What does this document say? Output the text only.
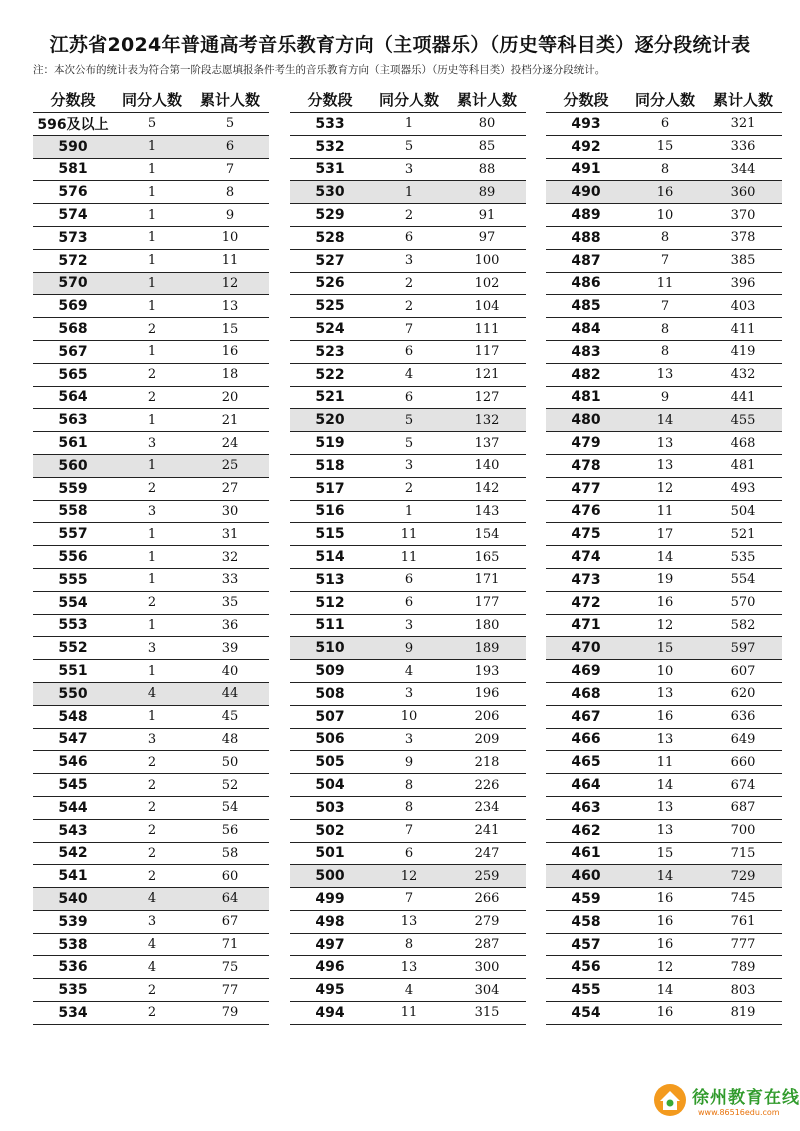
江苏省2024年普通高考音乐教育方向（主项器乐）（历史等科目类）逐分段统计表
注：本次公布的统计表为符合第一阶段志愿填报条件考生的音乐教育方向（主项器乐）（历史等科目类）投档分逐分段统计。
分数段	同分人数	累计人数
596及以上	5	5
590	1	6
581	1	7
576	1	8
574	1	9
573	1	10
572	1	11
570	1	12
569	1	13
568	2	15
567	1	16
565	2	18
564	2	20
563	1	21
561	3	24
560	1	25
559	2	27
558	3	30
557	1	31
556	1	32
555	1	33
554	2	35
553	1	36
552	3	39
551	1	40
550	4	44
548	1	45
547	3	48
546	2	50
545	2	52
544	2	54
543	2	56
542	2	58
541	2	60
540	4	64
539	3	67
538	4	71
536	4	75
535	2	77
534	2	79
分数段	同分人数	累计人数
533	1	80
532	5	85
531	3	88
530	1	89
529	2	91
528	6	97
527	3	100
526	2	102
525	2	104
524	7	111
523	6	117
522	4	121
521	6	127
520	5	132
519	5	137
518	3	140
517	2	142
516	1	143
515	11	154
514	11	165
513	6	171
512	6	177
511	3	180
510	9	189
509	4	193
508	3	196
507	10	206
506	3	209
505	9	218
504	8	226
503	8	234
502	7	241
501	6	247
500	12	259
499	7	266
498	13	279
497	8	287
496	13	300
495	4	304
494	11	315
分数段	同分人数	累计人数
493	6	321
492	15	336
491	8	344
490	16	360
489	10	370
488	8	378
487	7	385
486	11	396
485	7	403
484	8	411
483	8	419
482	13	432
481	9	441
480	14	455
479	13	468
478	13	481
477	12	493
476	11	504
475	17	521
474	14	535
473	19	554
472	16	570
471	12	582
470	15	597
469	10	607
468	13	620
467	16	636
466	13	649
465	11	660
464	14	674
463	13	687
462	13	700
461	15	715
460	14	729
459	16	745
458	16	761
457	16	777
456	12	789
455	14	803
454	16	819
徐州教育在线
www.86516edu.com
